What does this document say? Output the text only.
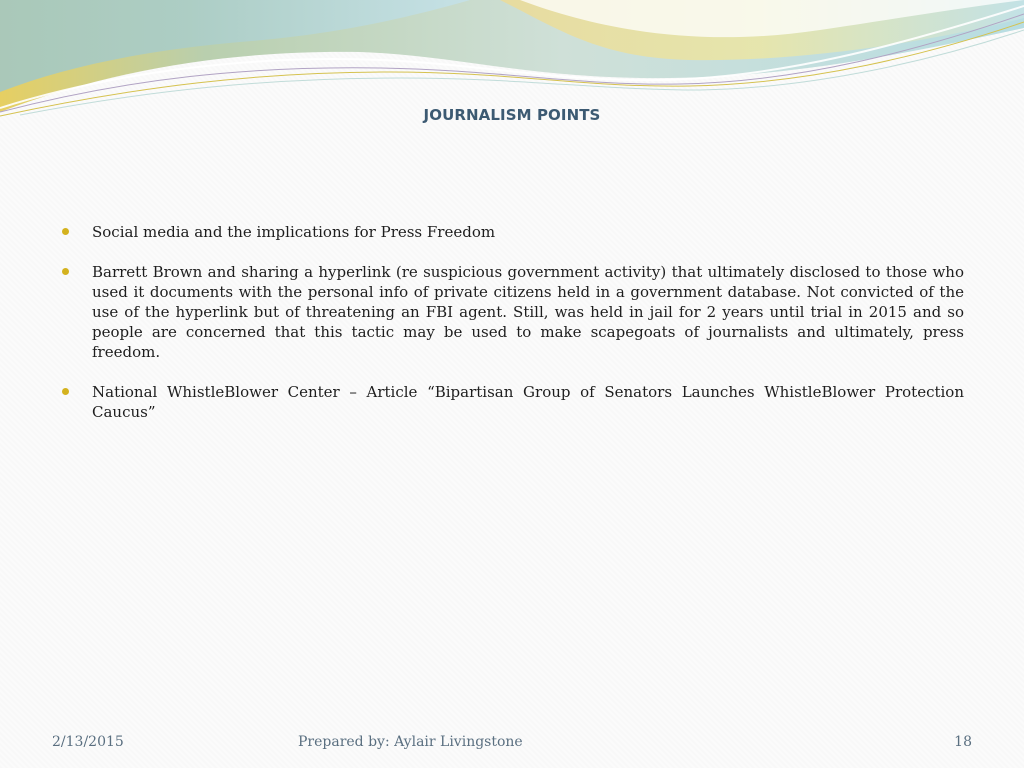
JOURNALISM POINTS
Social media and the implications for Press Freedom
Barrett Brown and sharing a hyperlink (re suspicious government activity) that ultimately disclosed to those who used it documents with the personal info of private citizens held in a government database. Not convicted of the use of the hyperlink but of threatening an FBI agent. Still, was held in jail for 2 years until trial in 2015 and so people are concerned that this tactic may be used to make scapegoats of journalists and ultimately, press freedom.
National WhistleBlower Center – Article “Bipartisan Group of Senators Launches WhistleBlower Protection Caucus”
2/13/2015	Prepared by: Aylair Livingstone	18
